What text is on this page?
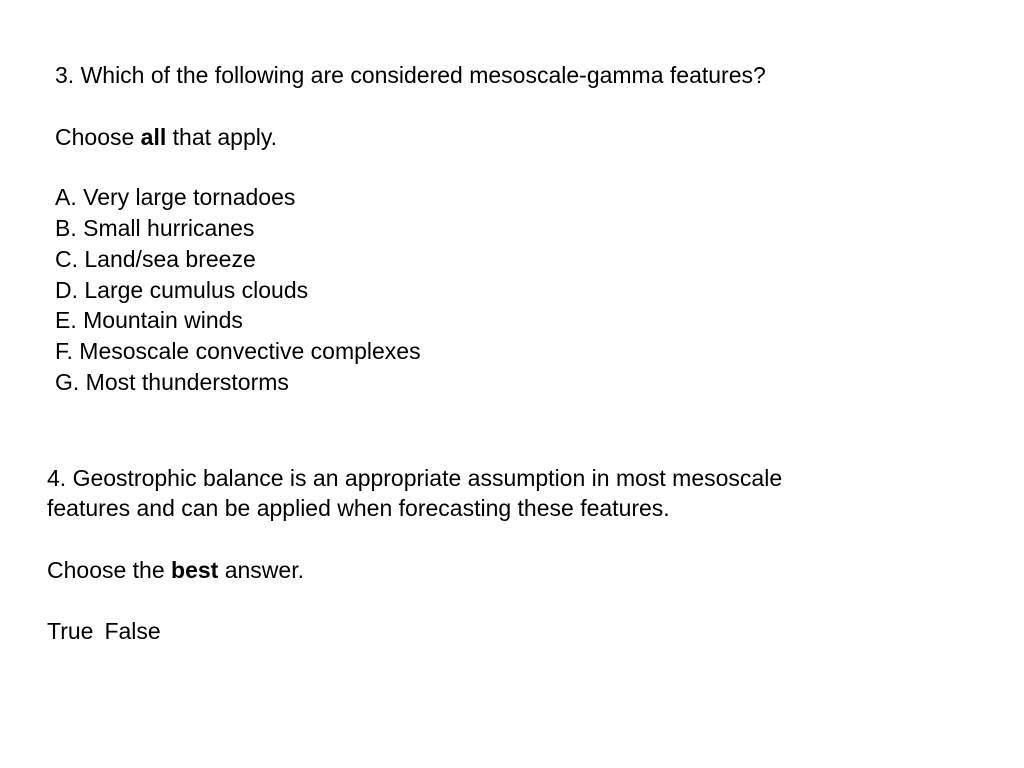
3. Which of the following are considered mesoscale-gamma features?
Choose all that apply.
A. Very large tornadoes
B. Small hurricanes
C. Land/sea breeze
D. Large cumulus clouds
E. Mountain winds
F. Mesoscale convective complexes
G. Most thunderstorms
4. Geostrophic balance is an appropriate assumption in most mesoscale
features and can be applied when forecasting these features.
Choose the best answer.
True False
